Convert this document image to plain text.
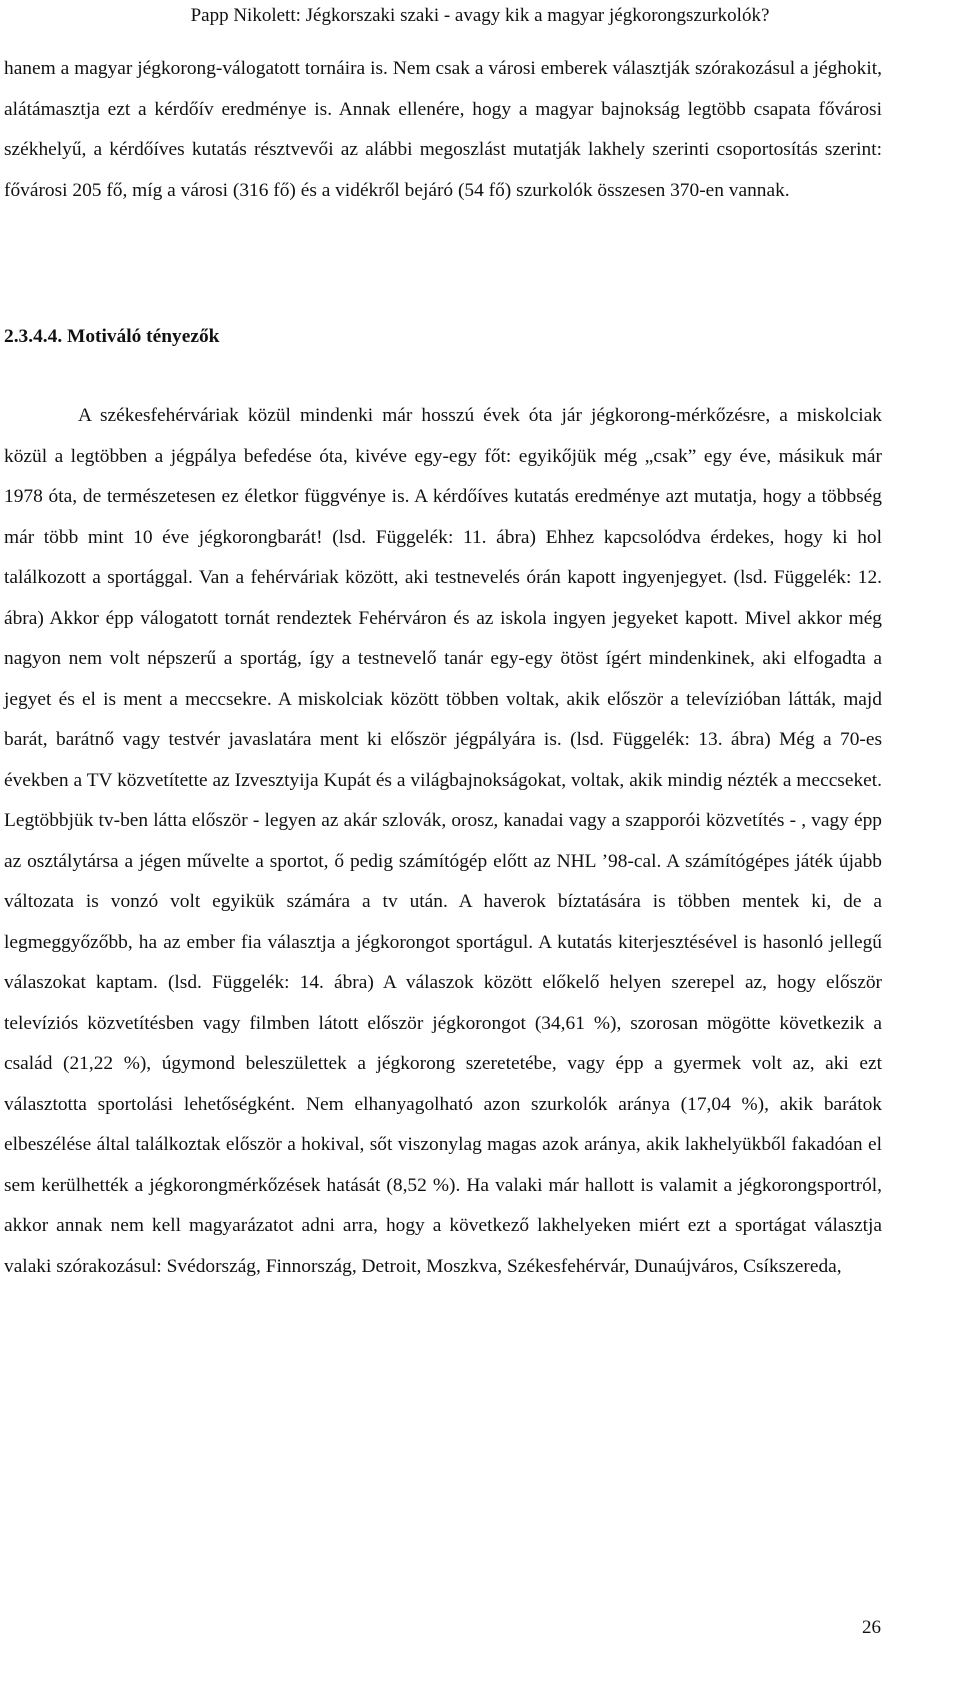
Papp Nikolett: Jégkorszaki szaki - avagy kik a magyar jégkorongszurkolók?

hanem a magyar jégkorong-válogatott tornáira is. Nem csak a városi emberek választják szórakozásul a jéghokit, alátámasztja ezt a kérdőív eredménye is. Annak ellenére, hogy a magyar bajnokság legtöbb csapata fővárosi székhelyű, a kérdőíves kutatás résztvevői az alábbi megoszlást mutatják lakhely szerinti csoportosítás szerint: fővárosi 205 fő, míg a városi (316 fő) és a vidékről bejáró (54 fő) szurkolók összesen 370-en vannak.

2.3.4.4. Motiváló tényezők

A székesfehérváriak közül mindenki már hosszú évek óta jár jégkorong-mérkőzésre, a miskolciak közül a legtöbben a jégpálya befedése óta, kivéve egy-egy főt: egyikőjük még „csak” egy éve, másikuk már 1978 óta, de természetesen ez életkor függvénye is. A kérdőíves kutatás eredménye azt mutatja, hogy a többség már több mint 10 éve jégkorongbarát! (lsd. Függelék: 11. ábra) Ehhez kapcsolódva érdekes, hogy ki hol találkozott a sportággal. Van a fehérváriak között, aki testnevelés órán kapott ingyenjegyet. (lsd. Függelék: 12. ábra) Akkor épp válogatott tornát rendeztek Fehérváron és az iskola ingyen jegyeket kapott. Mivel akkor még nagyon nem volt népszerű a sportág, így a testnevelő tanár egy-egy ötöst ígért mindenkinek, aki elfogadta a jegyet és el is ment a meccsekre. A miskolciak között többen voltak, akik először a televízióban látták, majd barát, barátnő vagy testvér javaslatára ment ki először jégpályára is. (lsd. Függelék: 13. ábra) Még a 70-es években a TV közvetítette az Izvesztyija Kupát és a világbajnokságokat, voltak, akik mindig nézték a meccseket. Legtöbbjük tv-ben látta először - legyen az akár szlovák, orosz, kanadai vagy a szapporói közvetítés - , vagy épp az osztálytársa a jégen művelte a sportot, ő pedig számítógép előtt az NHL ’98-cal. A számítógépes játék újabb változata is vonzó volt egyikük számára a tv után. A haverok bíztatására is többen mentek ki, de a legmeggyőzőbb, ha az ember fia választja a jégkorongot sportágul. A kutatás kiterjesztésével is hasonló jellegű válaszokat kaptam. (lsd. Függelék: 14. ábra) A válaszok között előkelő helyen szerepel az, hogy először televíziós közvetítésben vagy filmben látott először jégkorongot (34,61 %), szorosan mögötte következik a család (21,22 %), úgymond beleszülettek a jégkorong szeretetébe, vagy épp a gyermek volt az, aki ezt választotta sportolási lehetőségként. Nem elhanyagolható azon szurkolók aránya (17,04 %), akik barátok elbeszélése által találkoztak először a hokival, sőt viszonylag magas azok aránya, akik lakhelyükből fakadóan el sem kerülhették a jégkorongmérkőzések hatását (8,52 %). Ha valaki már hallott is valamit a jégkorongsportról, akkor annak nem kell magyarázatot adni arra, hogy a következő lakhelyeken miért ezt a sportágat választja valaki szórakozásul: Svédország, Finnország, Detroit, Moszkva, Székesfehérvár, Dunaújváros, Csíkszereda,

26
